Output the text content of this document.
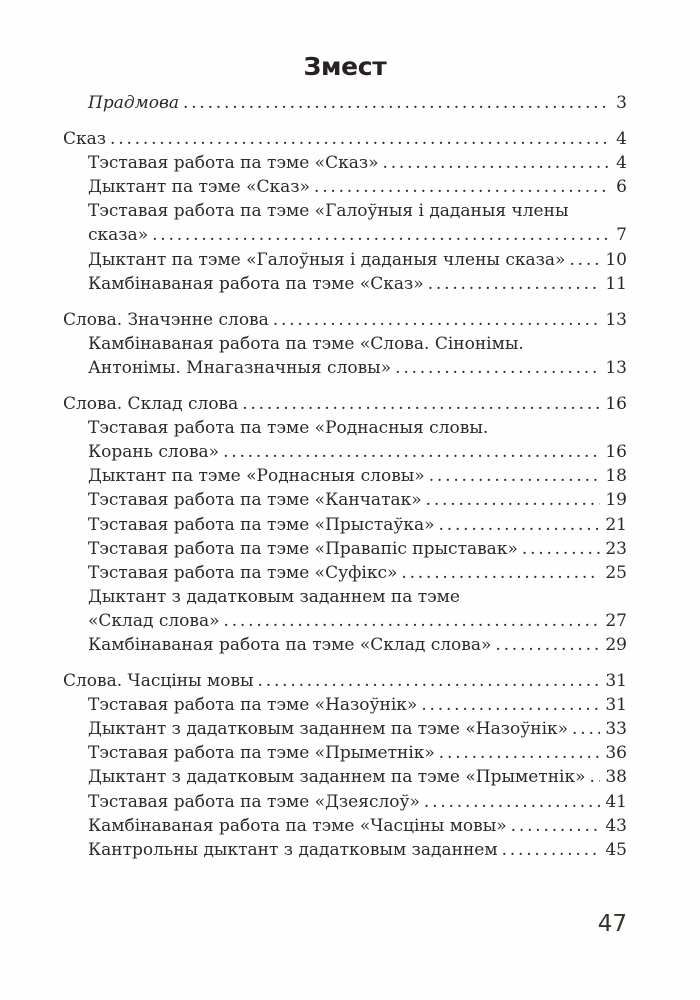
Змест
Прадмова .....	3
Сказ .....	4
Тэставая работа па тэме «Сказ» .....	4
Дыктант па тэме «Сказ» .....	6
Тэставая работа па тэме «Галоўныя і даданыя члены
сказа» .....	7
Дыктант па тэме «Галоўныя і даданыя члены сказа» ..... 10
Камбінаваная работа па тэме «Сказ» .....	11
Слова. Значэнне слова .....	13
Камбінаваная работа па тэме «Слова. Сінонімы.
Антонімы. Мнагазначныя словы» .....	13
Слова. Склад слова .....	16
Тэставая работа па тэме «Роднасныя словы.
Корань слова» .....	16
Дыктант па тэме «Роднасныя словы» .....	18
Тэставая работа па тэме «Канчатак» .....	19
Тэставая работа па тэме «Прыстаўка» .....	21
Тэставая работа па тэме «Правапіс прыставак» .....	23
Тэставая работа па тэме «Суфікс» .....	25
Дыктант з дадатковым заданнем па тэме
«Склад слова» .....	27
Камбінаваная работа па тэме «Склад слова» .....	29
Слова. Часціны мовы .....	31
Тэставая работа па тэме «Назоўнік» .....	31
Дыктант з дадатковым заданнем па тэме «Назоўнік» ..... 33
Тэставая работа па тэме «Прыметнік» .....	36
Дыктант з дадатковым заданнем па тэме «Прыметнік» ..... 38
Тэставая работа па тэме «Дзеяслоў» .....	41
Камбінаваная работа па тэме «Часціны мовы» .....	43
Кантрольны дыктант з дадатковым заданнем .....	45
47
